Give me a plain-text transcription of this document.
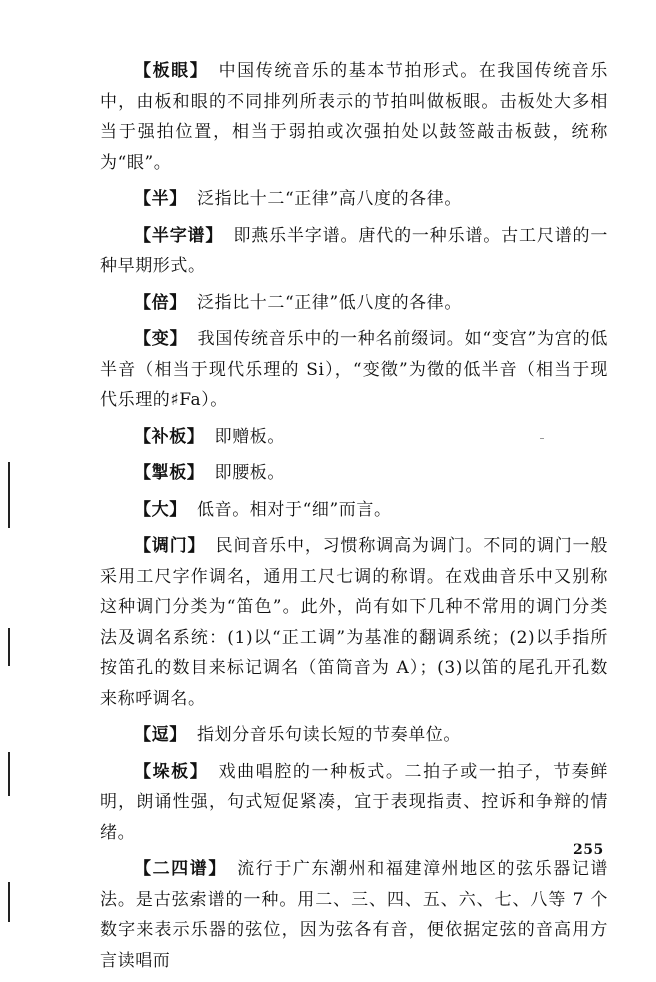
【板眼】 中国传统音乐的基本节拍形式。在我国传统音乐中，由板和眼的不同排列所表示的节拍叫做板眼。击板处大多相当于强拍位置，相当于弱拍或次强拍处以鼓签敲击板鼓，统称为“眼”。

【半】 泛指比十二“正律”高八度的各律。

【半字谱】 即燕乐半字谱。唐代的一种乐谱。古工尺谱的一种早期形式。

【倍】 泛指比十二“正律”低八度的各律。

【变】 我国传统音乐中的一种名前缀词。如“变宫”为宫的低半音（相当于现代乐理的 Si），“变徵”为徵的低半音（相当于现代乐理的♯Fa）。

【补板】 即赠板。

【掣板】 即腰板。

【大】 低音。相对于“细”而言。

【调门】 民间音乐中，习惯称调高为调门。不同的调门一般采用工尺字作调名，通用工尺七调的称谓。在戏曲音乐中又别称这种调门分类为“笛色”。此外，尚有如下几种不常用的调门分类法及调名系统：(1)以“正工调”为基准的翻调系统；(2)以手指所按笛孔的数目来标记调名（笛筒音为 A）；(3)以笛的尾孔开孔数来称呼调名。

【逗】 指划分音乐句读长短的节奏单位。

【垛板】 戏曲唱腔的一种板式。二拍子或一拍子，节奏鲜明，朗诵性强，句式短促紧凑，宜于表现指责、控诉和争辩的情绪。

【二四谱】 流行于广东潮州和福建漳州地区的弦乐器记谱法。是古弦索谱的一种。用二、三、四、五、六、七、八等 7 个数字来表示乐器的弦位，因为弦各有音，便依据定弦的音高用方言读唱而

255
